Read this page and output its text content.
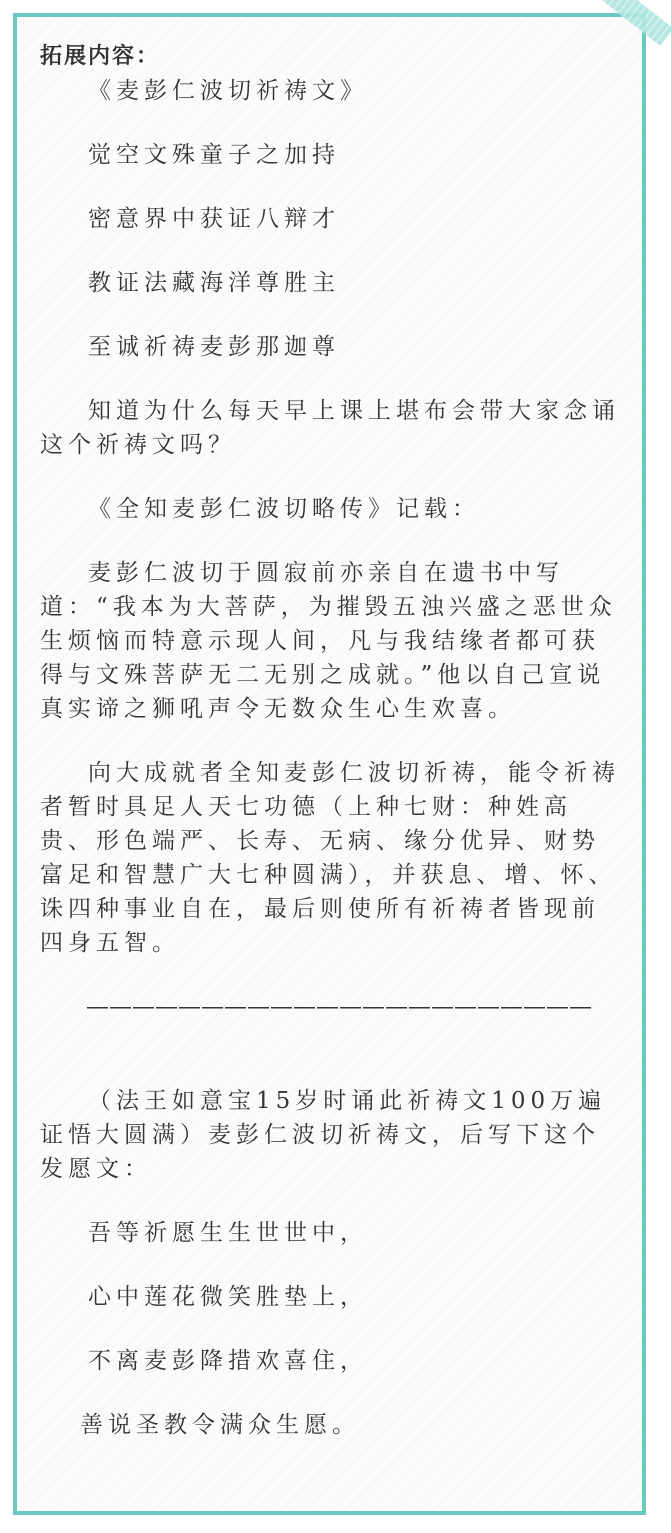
拓展内容：

《麦彭仁波切祈祷文》

觉空文殊童子之加持

密意界中获证八辩才

教证法藏海洋尊胜主

至诚祈祷麦彭那迦尊

知道为什么每天早上课上堪布会带大家念诵这个祈祷文吗？

《全知麦彭仁波切略传》记载：

麦彭仁波切于圆寂前亦亲自在遗书中写道：“我本为大菩萨，为摧毁五浊兴盛之恶世众生烦恼而特意示现人间，凡与我结缘者都可获得与文殊菩萨无二无别之成就。”他以自己宣说真实谛之狮吼声令无数众生心生欢喜。

向大成就者全知麦彭仁波切祈祷，能令祈祷者暂时具足人天七功德（上种七财：种姓高贵、形色端严、长寿、无病、缘分优异、财势富足和智慧广大七种圆满），并获息、增、怀、诛四种事业自在，最后则使所有祈祷者皆现前四身五智。

——————————————————————

（法王如意宝15岁时诵此祈祷文100万遍证悟大圆满）麦彭仁波切祈祷文，后写下这个发愿文：

吾等祈愿生生世世中，

心中莲花微笑胜垫上，

不离麦彭降措欢喜住，

善说圣教令满众生愿。
